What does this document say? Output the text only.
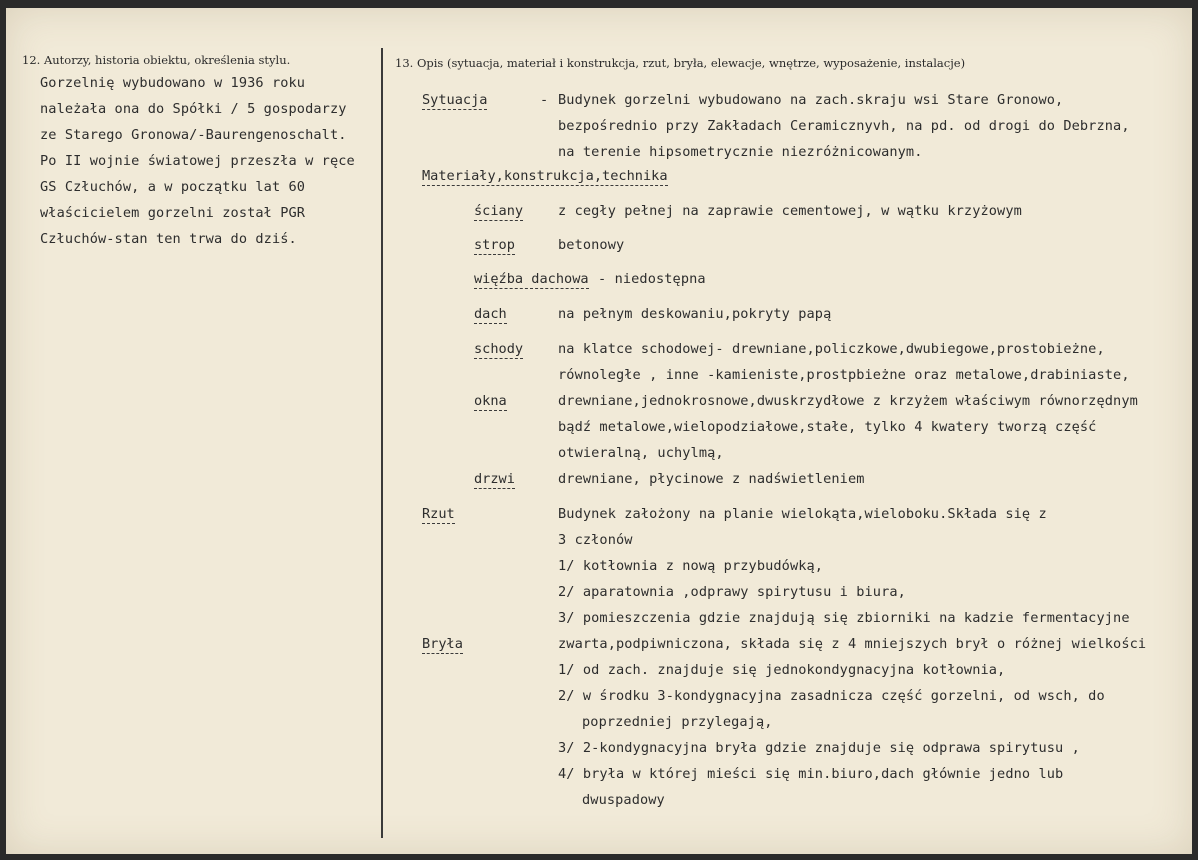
12. Autorzy, historia obiektu, określenia stylu.
Gorzelnię wybudowano w 1936 roku
należała ona do Spółki / 5 gospodarzy
ze Starego Gronowa/-Baurengenoschalt.
Po II wojnie światowej przeszła w ręce
GS Człuchów, a w początku lat 60
właścicielem gorzelni został PGR
Człuchów-stan ten trwa do dziś.
13. Opis (sytuacja, materiał i konstrukcja, rzut, bryła, elewacje, wnętrze, wyposażenie, instalacje)
Sytuacja	- Budynek gorzelni wybudowano na zach.skraju wsi Stare Gronowo,
bezpośrednio przy Zakładach Ceramicznyvh, na pd. od drogi do Debrzna,
na terenie hipsometrycznie niezróżnicowanym.
Materiały,konstrukcja,technika
ściany	z cegły pełnej na zaprawie cementowej, w wątku krzyżowym
strop	betonowy
więźba dachowa - niedostępna
dach	na pełnym deskowaniu,pokryty papą
schody	na klatce schodowej- drewniane,policzkowe,dwubiegowe,prostobieżne,
równoległe , inne -kamieniste,prostpbieżne oraz metalowe,drabiniaste,
okna	drewniane,jednokrosnowe,dwuskrzydłowe z krzyżem właściwym równorzędnym
bądź metalowe,wielopodziałowe,stałe, tylko 4 kwatery tworzą część
otwieralną, uchylmą,
drzwi	drewniane, płycinowe z nadświetleniem
Rzut	Budynek założony na planie wielokąta,wieloboku.Składa się z
3 członów
1/ kotłownia z nową przybudówką,
2/ aparatownia ,odprawy spirytusu i biura,
3/ pomieszczenia gdzie znajdują się zbiorniki na kadzie fermentacyjne
Bryła	zwarta,podpiwniczona, składa się z 4 mniejszych brył o różnej wielkości
1/ od zach. znajduje się jednokondygnacyjna kotłownia,
2/ w środku 3-kondygnacyjna zasadnicza część gorzelni, od wsch, do
poprzedniej przylegają,
3/ 2-kondygnacyjna bryła gdzie znajduje się odprawa spirytusu ,
4/ bryła w której mieści się min.biuro,dach głównie jedno lub
dwuspadowy
